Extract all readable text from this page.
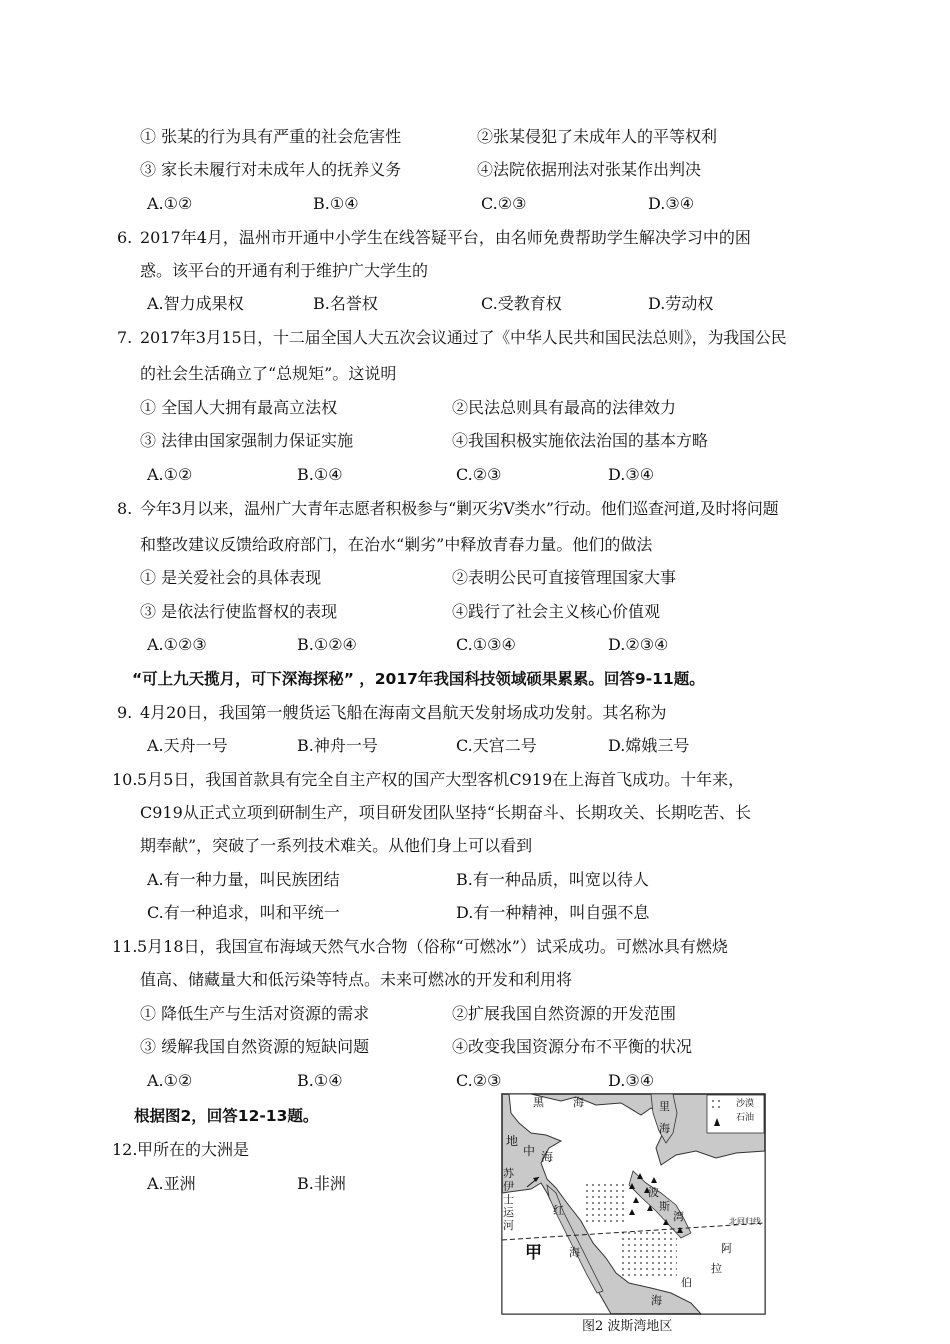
① 张某的行为具有严重的社会危害性	②张某侵犯了未成年人的平等权利
③ 家长未履行对未成年人的抚养义务	④法院依据刑法对张某作出判决
A.①②	B.①④	C.②③	D.③④
6. 2017年4月，温州市开通中小学生在线答疑平台，由名师免费帮助学生解决学习中的困
惑。该平台的开通有利于维护广大学生的
A.智力成果权	B.名誉权	C.受教育权	D.劳动权
7. 2017年3月15日，十二届全国人大五次会议通过了《中华人民共和国民法总则》，为我国公民
的社会生活确立了“总规矩”。这说明
① 全国人大拥有最高立法权	②民法总则具有最高的法律效力
③ 法律由国家强制力保证实施	④我国积极实施依法治国的基本方略
A.①②	B.①④	C.②③	D.③④
8. 今年3月以来，温州广大青年志愿者积极参与“剿灭劣V类水”行动。他们巡查河道,及时将问题
和整改建议反馈给政府部门，在治水“剿劣”中释放青春力量。他们的做法
① 是关爱社会的具体表现	②表明公民可直接管理国家大事
③ 是依法行使监督权的表现	④践行了社会主义核心价值观
A.①②③	B.①②④	C.①③④	D.②③④
“可上九天揽月，可下深海探秘” ，2017年我国科技领域硕果累累。回答9-11题。
9. 4月20日，我国第一艘货运飞船在海南文昌航天发射场成功发射。其名称为
A.天舟一号	B.神舟一号	C.天宫二号	D.嫦娥三号
10. 5月5日，我国首款具有完全自主产权的国产大型客机C919在上海首飞成功。十年来，
C919从正式立项到研制生产，项目研发团队坚持“长期奋斗、长期攻关、长期吃苦、长
期奉献”，突破了一系列技术难关。从他们身上可以看到
A.有一种力量，叫民族团结	B.有一种品质，叫宽以待人
C.有一种追求，叫和平统一	D.有一种精神，叫自强不息
11. 5月18日，我国宣布海域天然气水合物（俗称“可燃冰”）试采成功。可燃冰具有燃烧
值高、储藏量大和低污染等特点。未来可燃冰的开发和利用将
① 降低生产与生活对资源的需求	②扩展我国自然资源的开发范围
③ 缓解我国自然资源的短缺问题	④改变我国资源分布不平衡的状况
A.①②	B.①④	C.②③	D.③④
根据图2，回答12-13题。
12. 甲所在的大洲是
A.亚洲	B.非洲
沙漠
石油
黑	海	里
海
地
中 海
苏
伊
士
运
河
红
海
波
斯
湾	北回归线
甲	阿
拉
伯
海
图2 波斯湾地区
